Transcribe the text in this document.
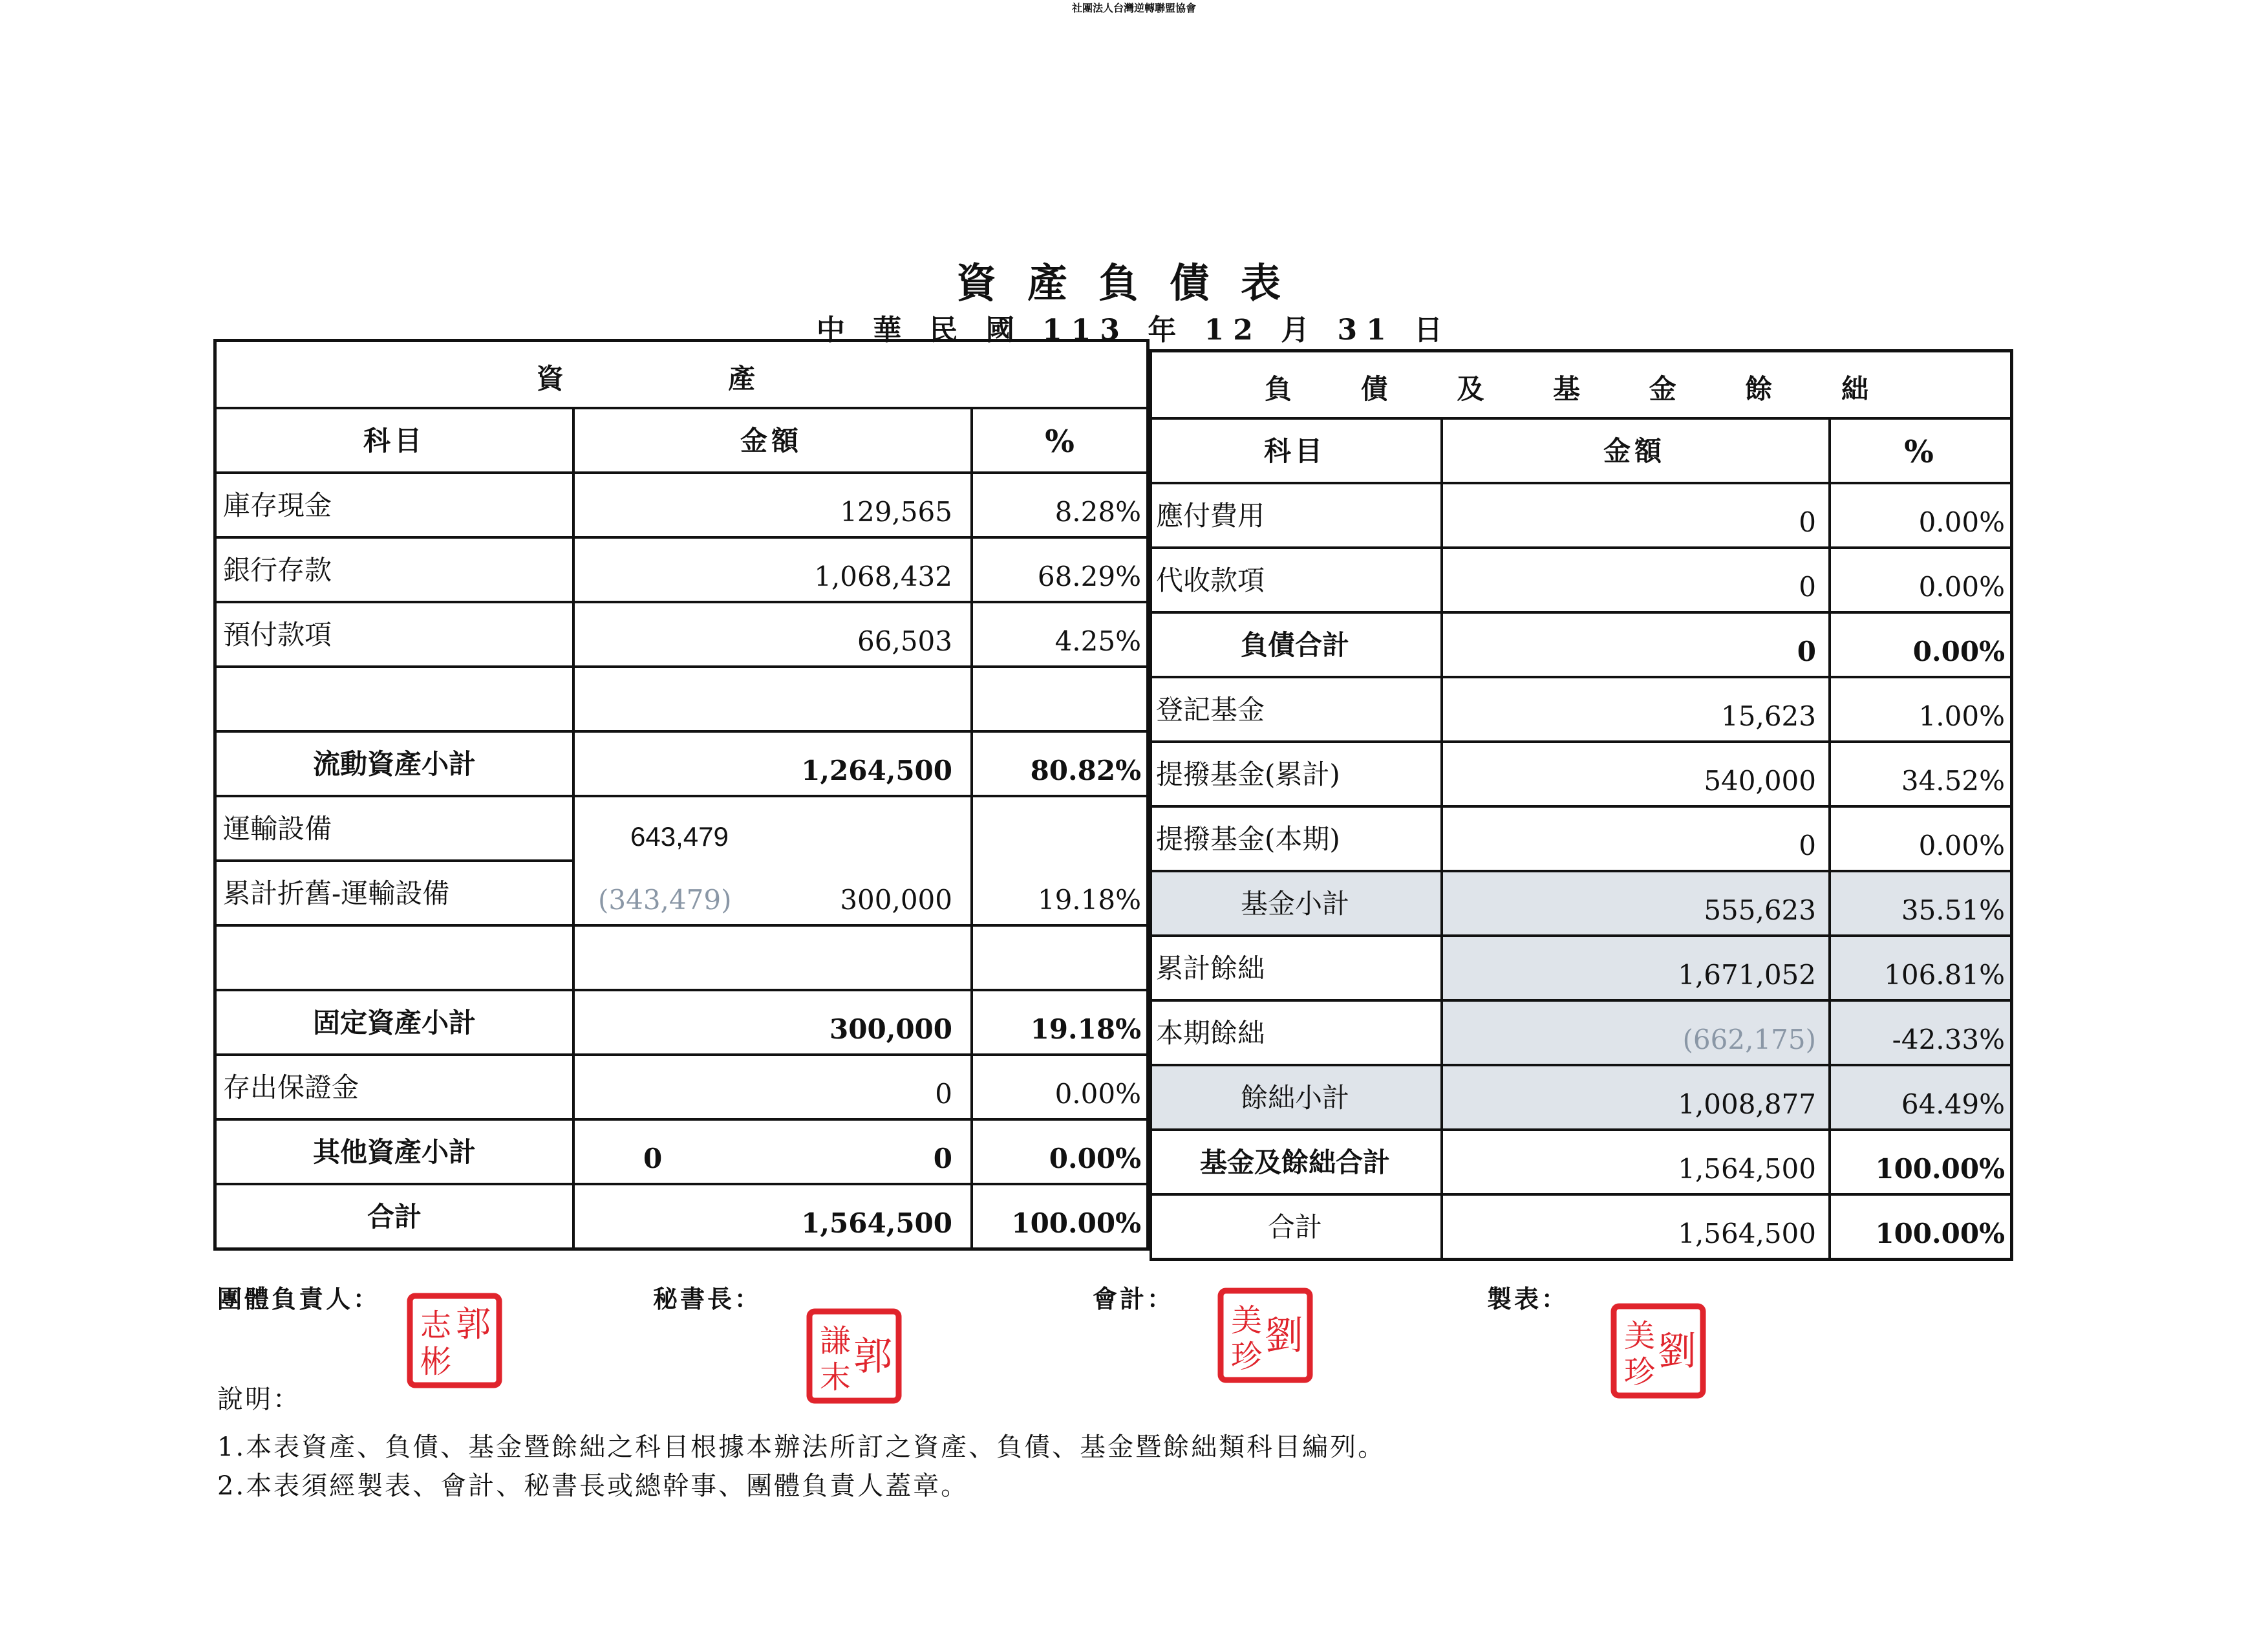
社團法人台灣逆轉聯盟協會
資產負債表
中 華 民 國 113 年 12 月 31 日
資 產
科目	金額	%
庫存現金	129,565	8.28%
銀行存款	1,068,432	68.29%
預付款項	66,503	4.25%
流動資產小計	1,264,500	80.82%
運輸設備	643,479
累計折舊-運輸設備	(343,479)	300,000	19.18%
固定資產小計	300,000	19.18%
存出保證金	0	0.00%
其他資產小計	0	0	0.00%
合計	1,564,500 100.00%
負 債 及 基 金 餘 絀
科目	金額	%
應付費用	0	0.00%
代收款項	0	0.00%
負債合計	0	0.00%
登記基金	15,623	1.00%
提撥基金(累計)	540,000	34.52%
提撥基金(本期)	0	0.00%
基金小計	555,623	35.51%
累計餘絀	1,671,052	106.81%
本期餘絀	(662,175)	-42.33%
餘絀小計	1,008,877	64.49%
基金及餘絀合計	1,564,500 100.00%
合計	1,564,500 100.00%
團體負責人：	秘書長：	會計：	製表：
郭
志
彬	郭
謙
末
劉
美
珍	劉
美
珍
說明：
1.本表資產、負債、基金暨餘絀之科目根據本辦法所訂之資產、負債、基金暨餘絀類科目編列。
2.本表須經製表、會計、秘書長或總幹事、團體負責人蓋章。
